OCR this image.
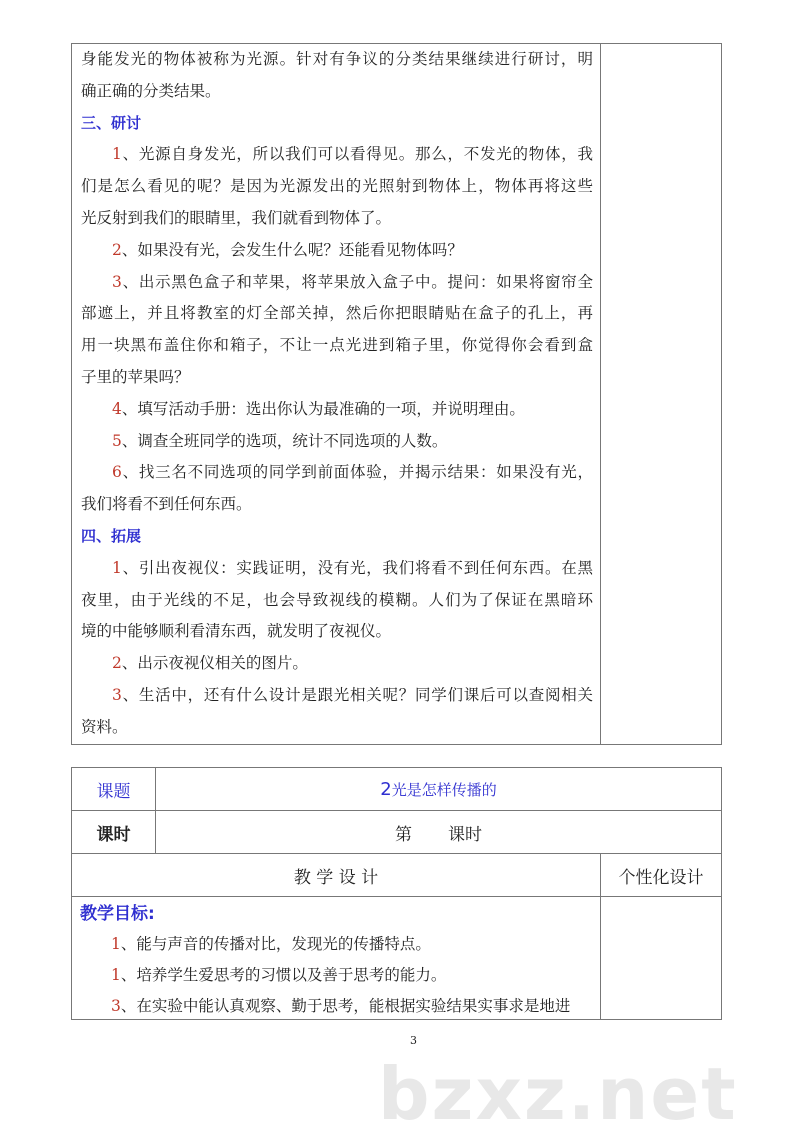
身能发光的物体被称为光源。针对有争议的分类结果继续进行研讨，明
确正确的分类结果。
三、研讨
1、光源自身发光，所以我们可以看得见。那么，不发光的物体，我
们是怎么看见的呢？是因为光源发出的光照射到物体上，物体再将这些
光反射到我们的眼睛里，我们就看到物体了。
2、如果没有光，会发生什么呢？还能看见物体吗？
3、出示黑色盒子和苹果，将苹果放入盒子中。提问：如果将窗帘全
部遮上，并且将教室的灯全部关掉，然后你把眼睛贴在盒子的孔上，再
用一块黑布盖住你和箱子，不让一点光进到箱子里，你觉得你会看到盒
子里的苹果吗？
4、填写活动手册：选出你认为最准确的一项，并说明理由。
5、调查全班同学的选项，统计不同选项的人数。
6、找三名不同选项的同学到前面体验，并揭示结果：如果没有光，
我们将看不到任何东西。
四、拓展
1、引出夜视仪：实践证明，没有光，我们将看不到任何东西。在黑
夜里，由于光线的不足，也会导致视线的模糊。人们为了保证在黑暗环
境的中能够顺利看清东西，就发明了夜视仪。
2、出示夜视仪相关的图片。
3、生活中，还有什么设计是跟光相关呢？同学们课后可以查阅相关
资料。
课题	2 光是怎样传播的
课时	第 课时
教 学 设 计	个性化设计
教学目标:
1、能与声音的传播对比，发现光的传播特点。
1、培养学生爱思考的习惯以及善于思考的能力。
3、在实验中能认真观察、勤于思考，能根据实验结果实事求是地进
3
bzxz.net
